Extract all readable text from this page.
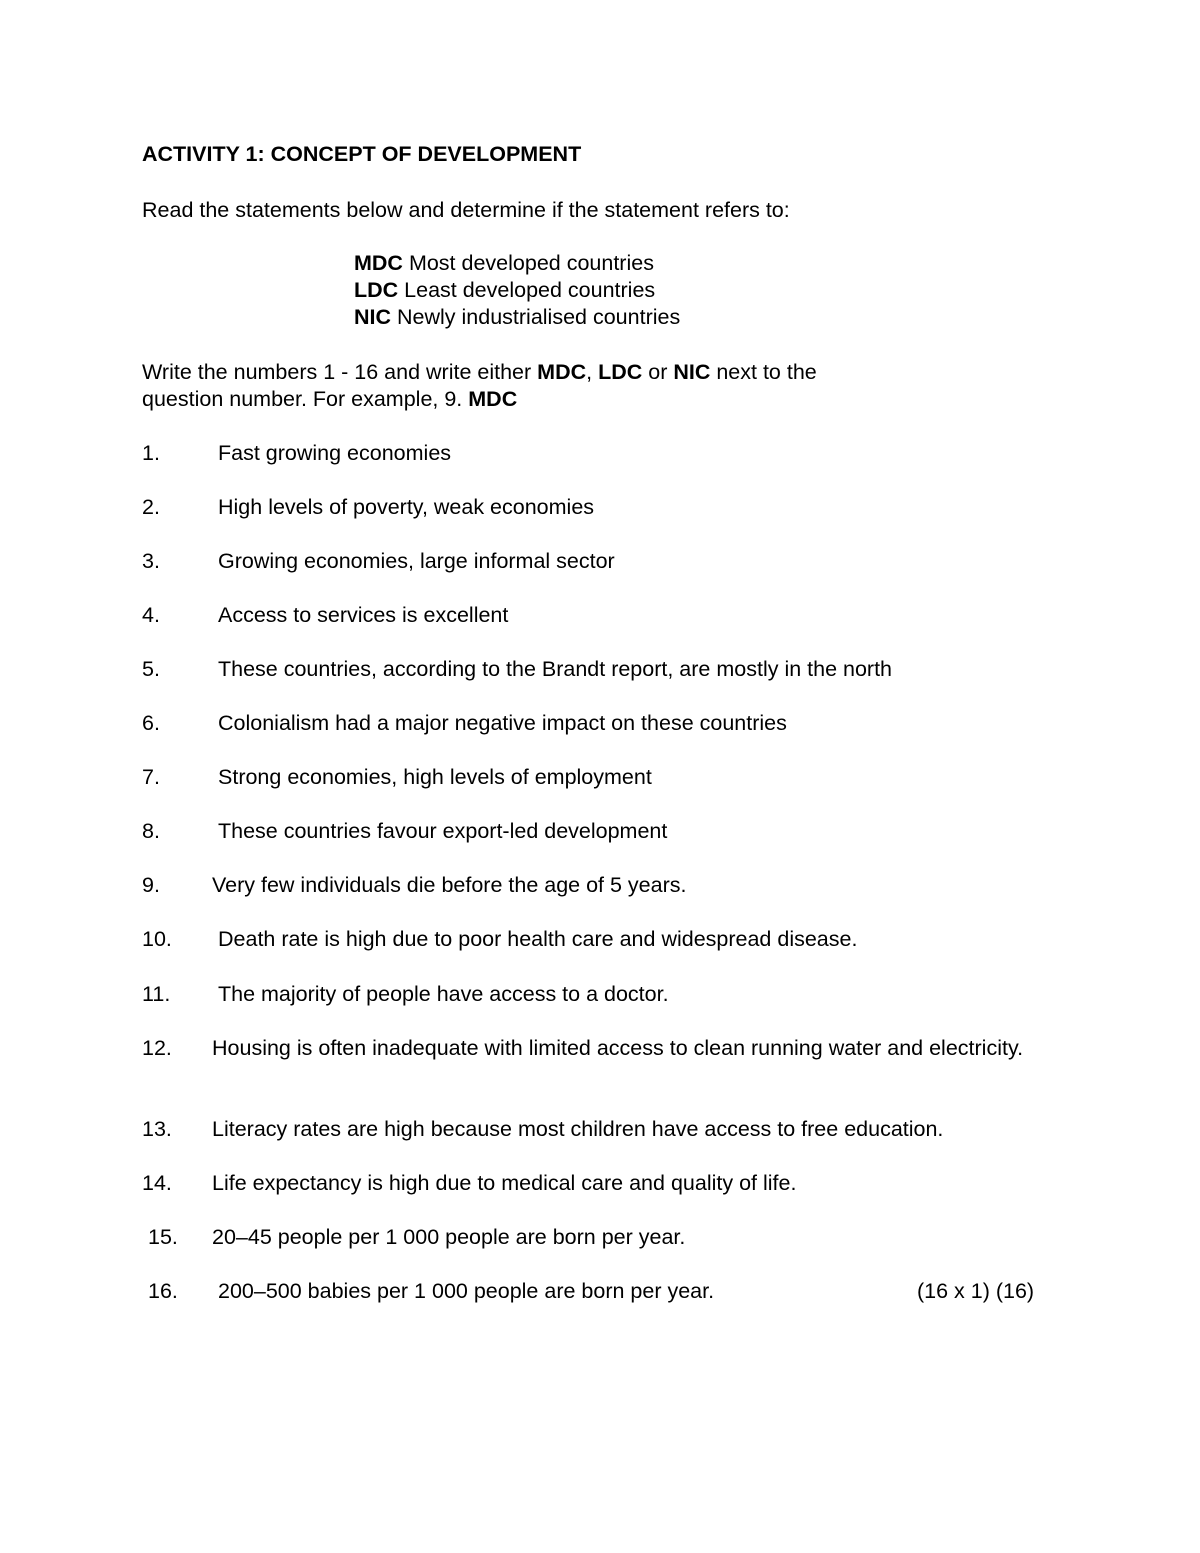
ACTIVITY 1: CONCEPT OF DEVELOPMENT
Read the statements below and determine if the statement refers to:
MDC Most developed countries
LDC Least developed countries
NIC Newly industrialised countries
Write the numbers 1 - 16 and write either MDC, LDC or NIC next to the
question number. For example, 9. MDC
1.	Fast growing economies
2.	High levels of poverty, weak economies
3.	Growing economies, large informal sector
4.	Access to services is excellent
5.	These countries, according to the Brandt report, are mostly in the north
6.	Colonialism had a major negative impact on these countries
7.	Strong economies, high levels of employment
8.	These countries favour export-led development
9. Very few individuals die before the age of 5 years.
10. Death rate is high due to poor health care and widespread disease.
11. The majority of people have access to a doctor.
12. Housing is often inadequate with limited access to clean running water and electricity.
13. Literacy rates are high because most children have access to free education.
14. Life expectancy is high due to medical care and quality of life.
15. 20–45 people per 1 000 people are born per year.
16. 200–500 babies per 1 000 people are born per year.	(16 x 1) (16)
